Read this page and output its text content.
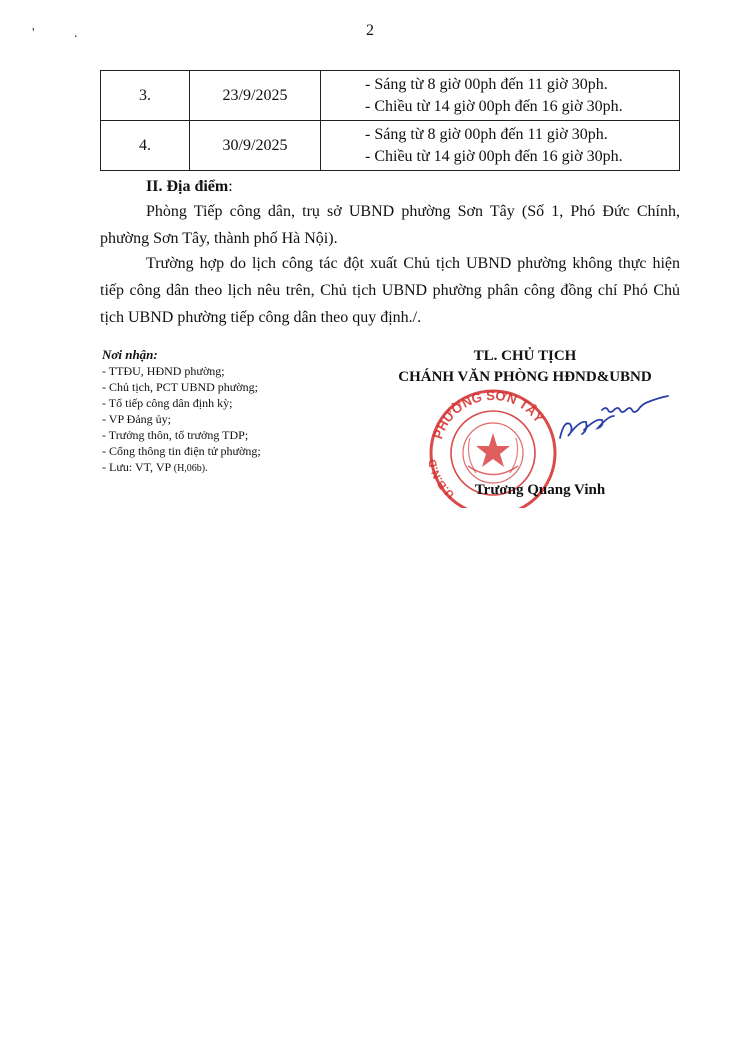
2
' .
3.	23/9/2025	- Sáng từ 8 giờ 00ph đến 11 giờ 30ph.
- Chiều từ 14 giờ 00ph đến 16 giờ 30ph.

4.	30/9/2025	- Sáng từ 8 giờ 00ph đến 11 giờ 30ph.
- Chiều từ 14 giờ 00ph đến 16 giờ 30ph.
II. Địa điểm:
Phòng Tiếp công dân, trụ sở UBND phường Sơn Tây (Số 1, Phó Đức Chính, phường Sơn Tây, thành phố Hà Nội).
Trường hợp do lịch công tác đột xuất Chủ tịch UBND phường không thực hiện tiếp công dân theo lịch nêu trên, Chủ tịch UBND phường phân công đồng chí Phó Chủ tịch UBND phường tiếp công dân theo quy định./.
Nơi nhận:
- TTĐU, HĐND phường;
- Chủ tịch, PCT UBND phường;
- Tổ tiếp công dân định kỳ;
- VP Đảng ủy;
- Trưởng thôn, tổ trưởng TDP;
- Cổng thông tin điện tử phường;
- Lưu: VT, VP (H,06b).
TL. CHỦ TỊCH
CHÁNH VĂN PHÒNG HĐND&UBND
PHƯỜNG SƠN TÂY
U.B.N.D
Trương Quang Vinh
